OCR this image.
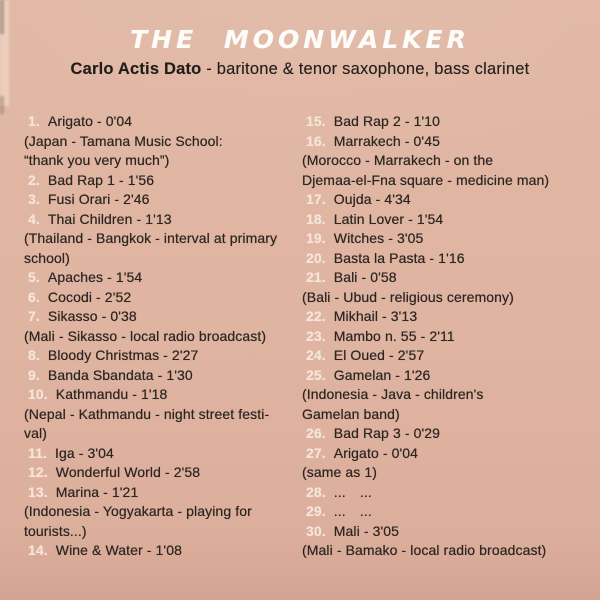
THE MOONWALKER

Carlo Actis Dato - baritone & tenor saxophone, bass clarinet

1. Arigato - 0'04
(Japan - Tamana Music School:
“thank you very much”)
2. Bad Rap 1 - 1'56
3. Fusi Orari - 2'46
4. Thai Children - 1'13
(Thailand - Bangkok - interval at primary
school)
5. Apaches - 1'54
6. Cocodi - 2'52
7. Sikasso - 0'38
(Mali - Sikasso - local radio broadcast)
8. Bloody Christmas - 2'27
9. Banda Sbandata - 1'30
10. Kathmandu - 1'18
(Nepal - Kathmandu - night street festi-
val)
11. Iga - 3'04
12. Wonderful World - 2'58
13. Marina - 1'21
(Indonesia - Yogyakarta - playing for
tourists...)
14. Wine & Water - 1'08
15. Bad Rap 2 - 1'10
16. Marrakech - 0'45
(Morocco - Marrakech - on the
Djemaa-el-Fna square - medicine man)
17. Oujda - 4'34
18. Latin Lover - 1'54
19. Witches - 3'05
20. Basta la Pasta - 1'16
21. Bali - 0'58
(Bali - Ubud - religious ceremony)
22. Mikhail - 3'13
23. Mambo n. 55 - 2'11
24. El Oued - 2'57
25. Gamelan - 1'26
(Indonesia - Java - children's
Gamelan band)
26. Bad Rap 3 - 0'29
27. Arigato - 0'04
(same as 1)
28. ... ...
29. ... ...
30. Mali - 3'05
(Mali - Bamako - local radio broadcast)
